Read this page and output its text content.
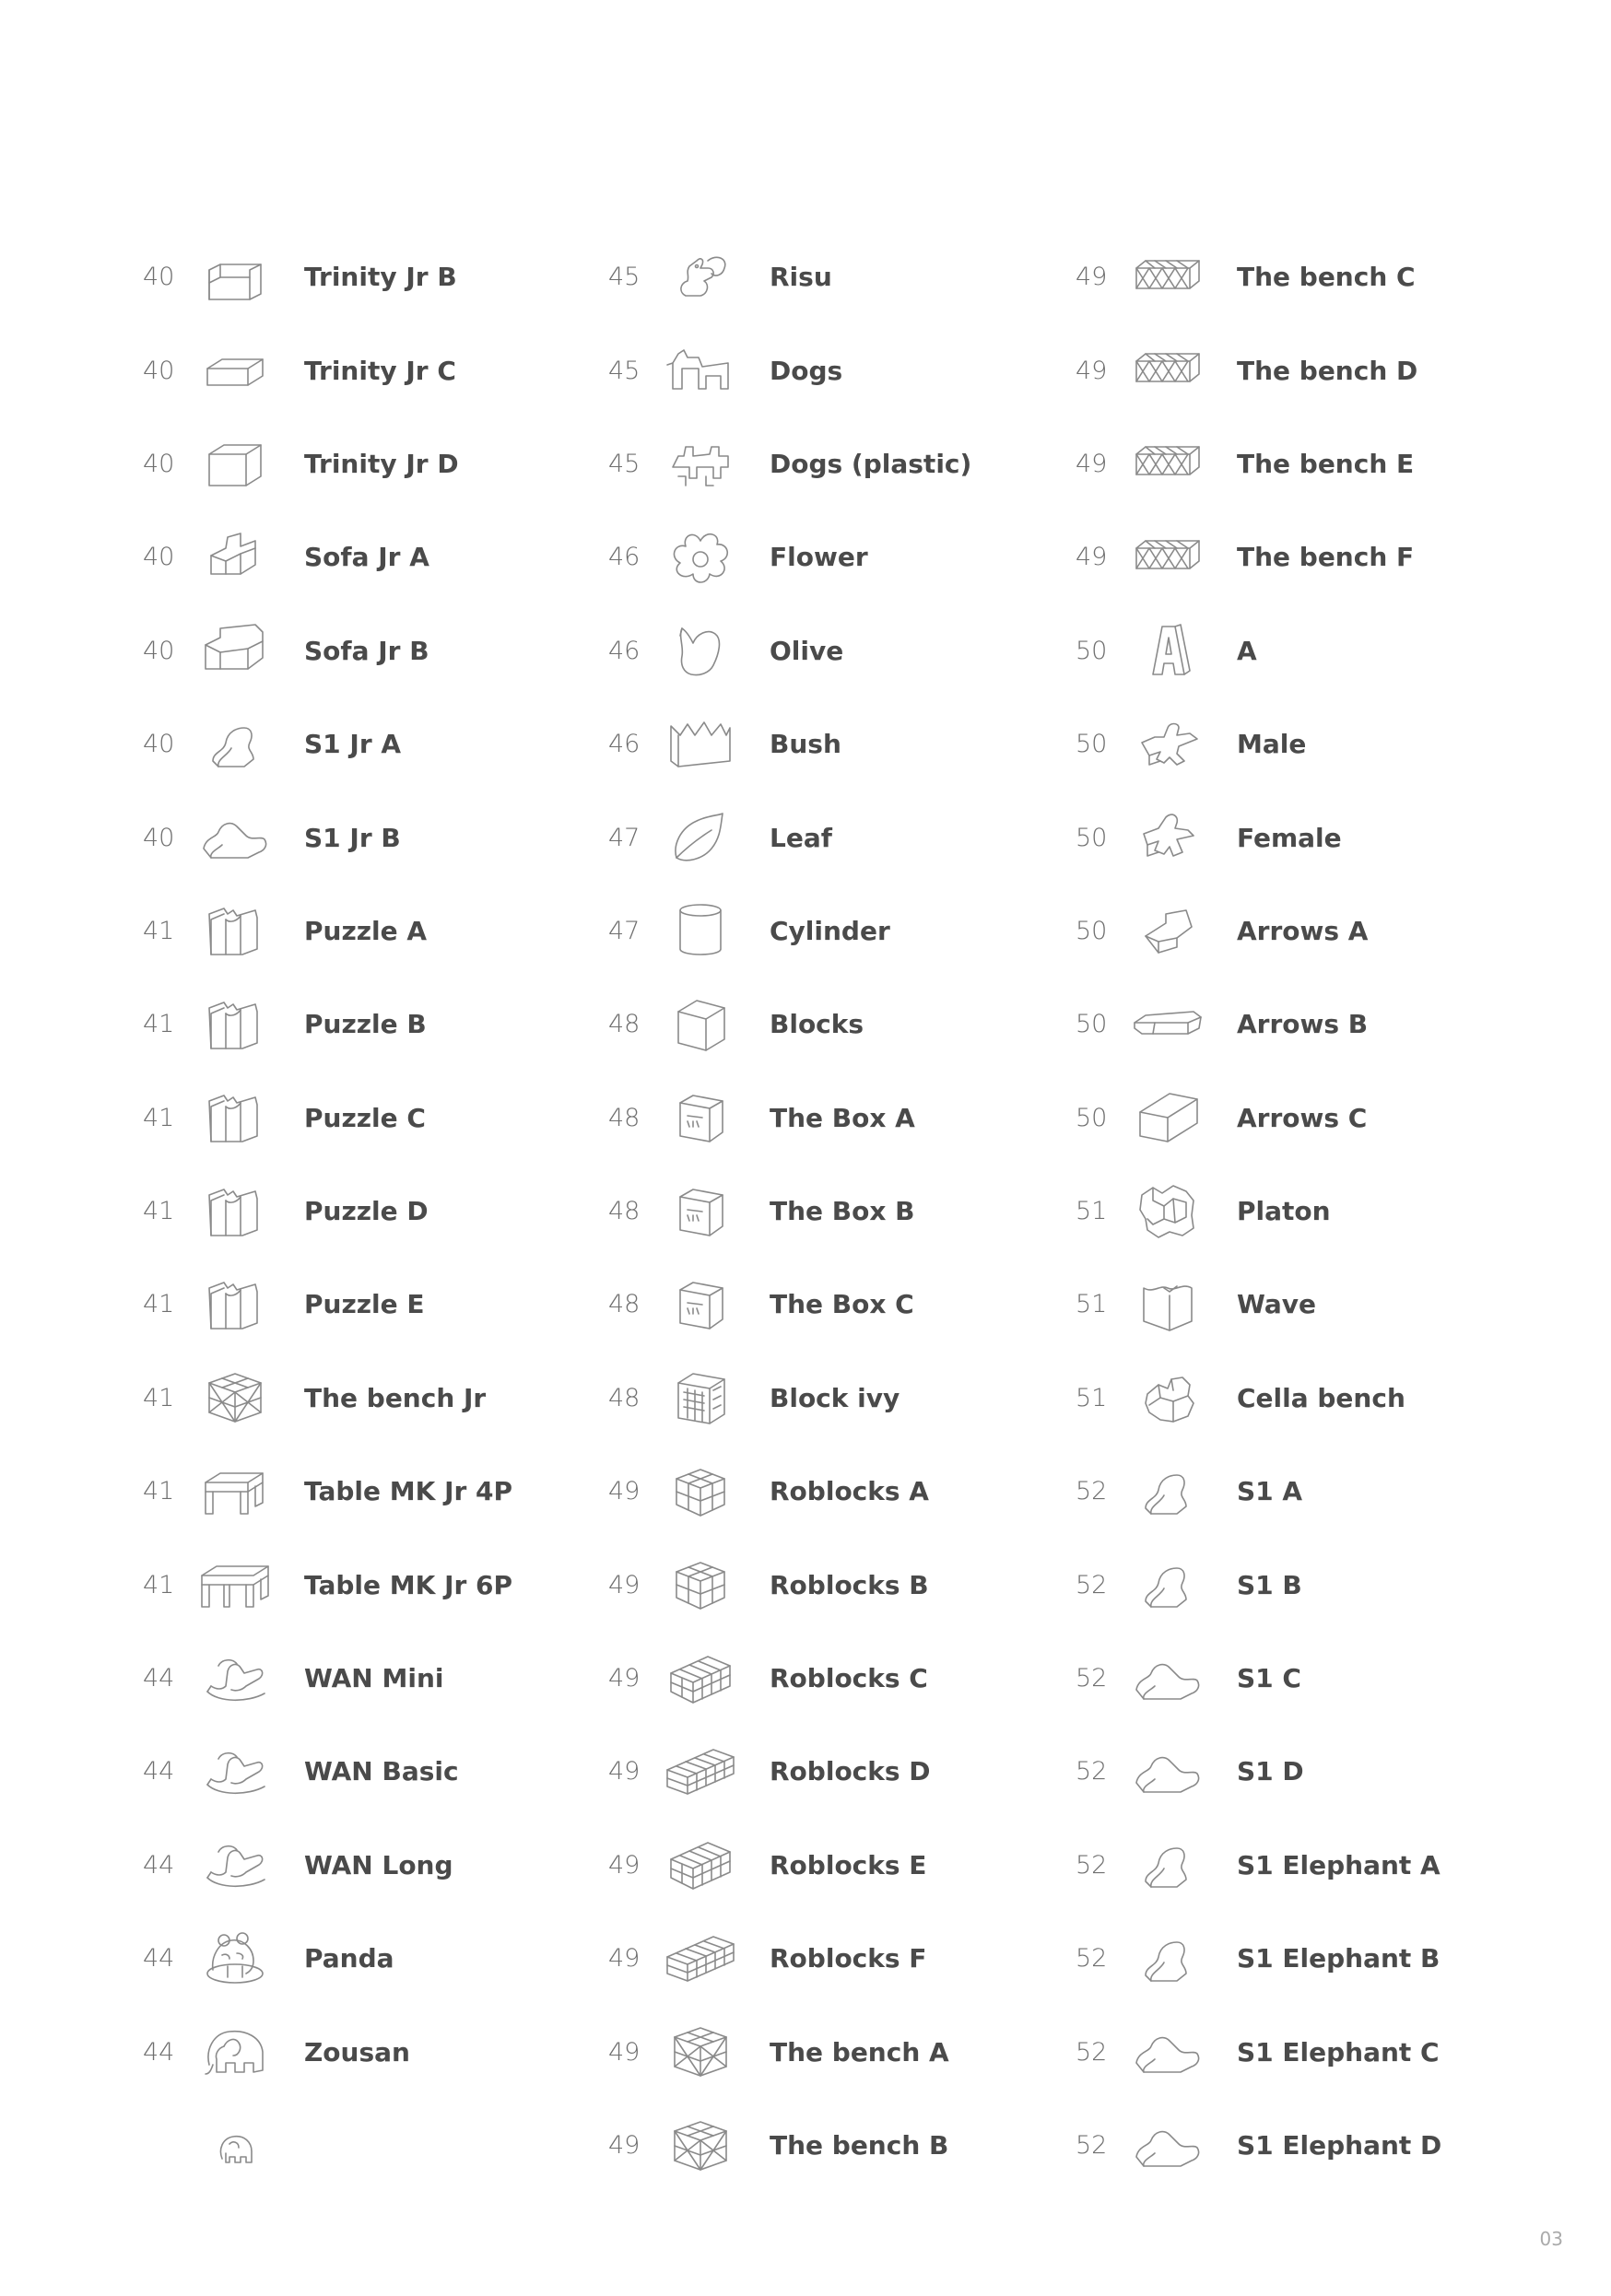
40	Trinity Jr B
40	Trinity Jr C
40	Trinity Jr D
40	Sofa Jr A
40	Sofa Jr B
40	S1 Jr A
40	S1 Jr B
41	Puzzle A
41	Puzzle B
41	Puzzle C
41	Puzzle D
41	Puzzle E
41	The bench Jr
41	Table MK Jr 4P
41	Table MK Jr 6P
44	WAN Mini
44	WAN Basic
44	WAN Long
44	Panda
44	Zousan
45	Risu
45	Dogs
45	Dogs (plastic)
46	Flower
46	Olive
46	Bush
47	Leaf
47	Cylinder
48	Blocks
48	The Box A
48	The Box B
48	The Box C
48	Block ivy
49	Roblocks A
49	Roblocks B
49	Roblocks C
49	Roblocks D
49	Roblocks E
49	Roblocks F
49	The bench A
49	The bench B
49	The bench C
49	The bench D
49	The bench E
49	The bench F
50	A
50	Male
50	Female
50	Arrows A
50	Arrows B
50	Arrows C
51	Platon
51	Wave
51	Cella bench
52	S1 A
52	S1 B
52	S1 C
52	S1 D
52	S1 Elephant A
52	S1 Elephant B
52	S1 Elephant C
52	S1 Elephant D
03
